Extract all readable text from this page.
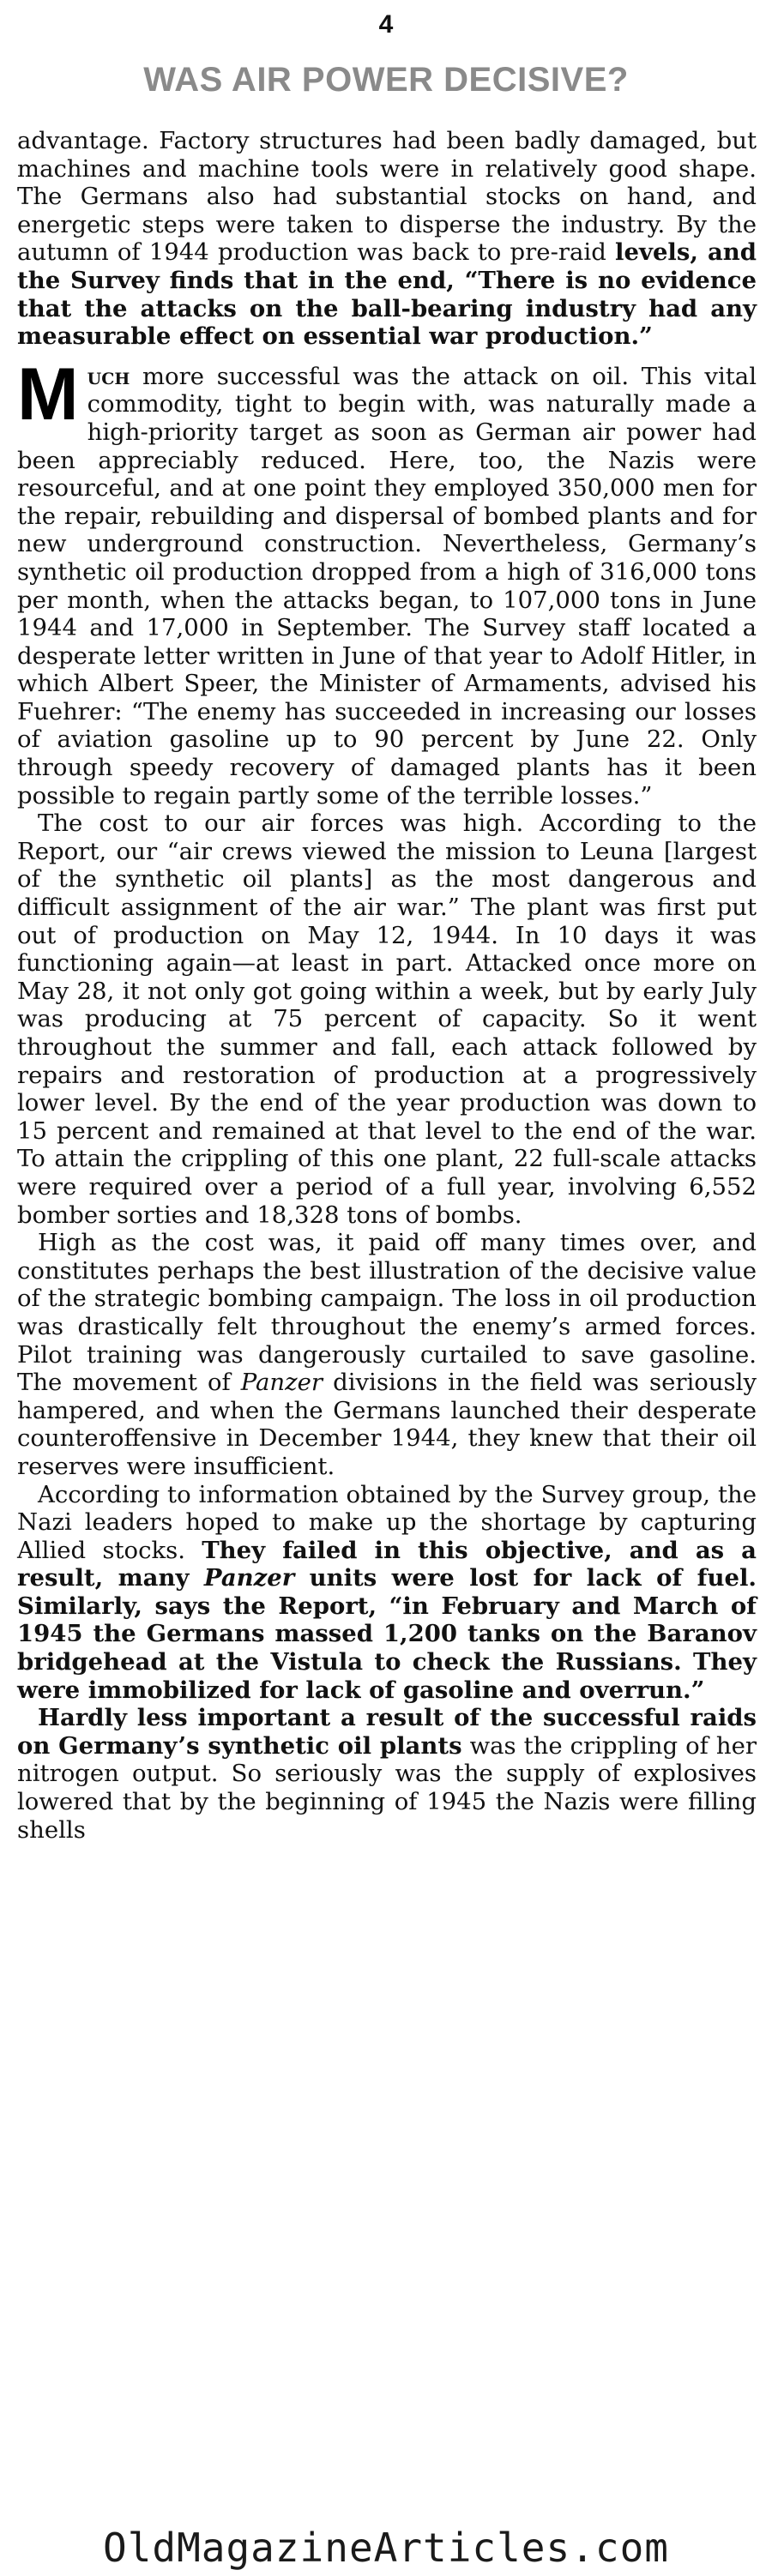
4
WAS AIR POWER DECISIVE?

advantage. Factory structures had been badly damaged, but machines and machine tools were in relatively good shape. The Germans also had substantial stocks on hand, and energetic steps were taken to disperse the industry. By the autumn of 1944 production was back to pre-raid levels, and the Survey finds that in the end, “There is no evidence that the attacks on the ball-bearing industry had any measurable effect on essential war production.”

Much more successful was the attack on oil. This vital commodity, tight to begin with, was naturally made a high-priority target as soon as German air power had been appreciably reduced. Here, too, the Nazis were resourceful, and at one point they employed 350,000 men for the repair, rebuilding and dispersal of bombed plants and for new underground construction. Nevertheless, Germany’s synthetic oil production dropped from a high of 316,000 tons per month, when the attacks began, to 107,000 tons in June 1944 and 17,000 in September. The Survey staff located a desperate letter written in June of that year to Adolf Hitler, in which Albert Speer, the Minister of Armaments, advised his Fuehrer: “The enemy has succeeded in increasing our losses of aviation gasoline up to 90 percent by June 22. Only through speedy recovery of damaged plants has it been possible to regain partly some of the terrible losses.”

The cost to our air forces was high. According to the Report, our “air crews viewed the mission to Leuna [largest of the synthetic oil plants] as the most dangerous and difficult assignment of the air war.” The plant was first put out of production on May 12, 1944. In 10 days it was functioning again—at least in part. Attacked once more on May 28, it not only got going within a week, but by early July was producing at 75 percent of capacity. So it went throughout the summer and fall, each attack followed by repairs and restoration of production at a progressively lower level. By the end of the year production was down to 15 percent and remained at that level to the end of the war. To attain the crippling of this one plant, 22 full-scale attacks were required over a period of a full year, involving 6,552 bomber sorties and 18,328 tons of bombs.

High as the cost was, it paid off many times over, and constitutes perhaps the best illustration of the decisive value of the strategic bombing campaign. The loss in oil production was drastically felt throughout the enemy’s armed forces. Pilot training was dangerously curtailed to save gasoline. The movement of Panzer divisions in the field was seriously hampered, and when the Germans launched their desperate counteroffensive in December 1944, they knew that their oil reserves were insufficient.

According to information obtained by the Survey group, the Nazi leaders hoped to make up the shortage by capturing Allied stocks. They failed in this objective, and as a result, many Panzer units were lost for lack of fuel. Similarly, says the Report, “in February and March of 1945 the Germans massed 1,200 tanks on the Baranov bridgehead at the Vistula to check the Russians. They were immobilized for lack of gasoline and overrun.”

Hardly less important a result of the successful raids on Germany’s synthetic oil plants was the crippling of her nitrogen output. So seriously was the supply of explosives lowered that by the beginning of 1945 the Nazis were filling shells

OldMagazineArticles.com
